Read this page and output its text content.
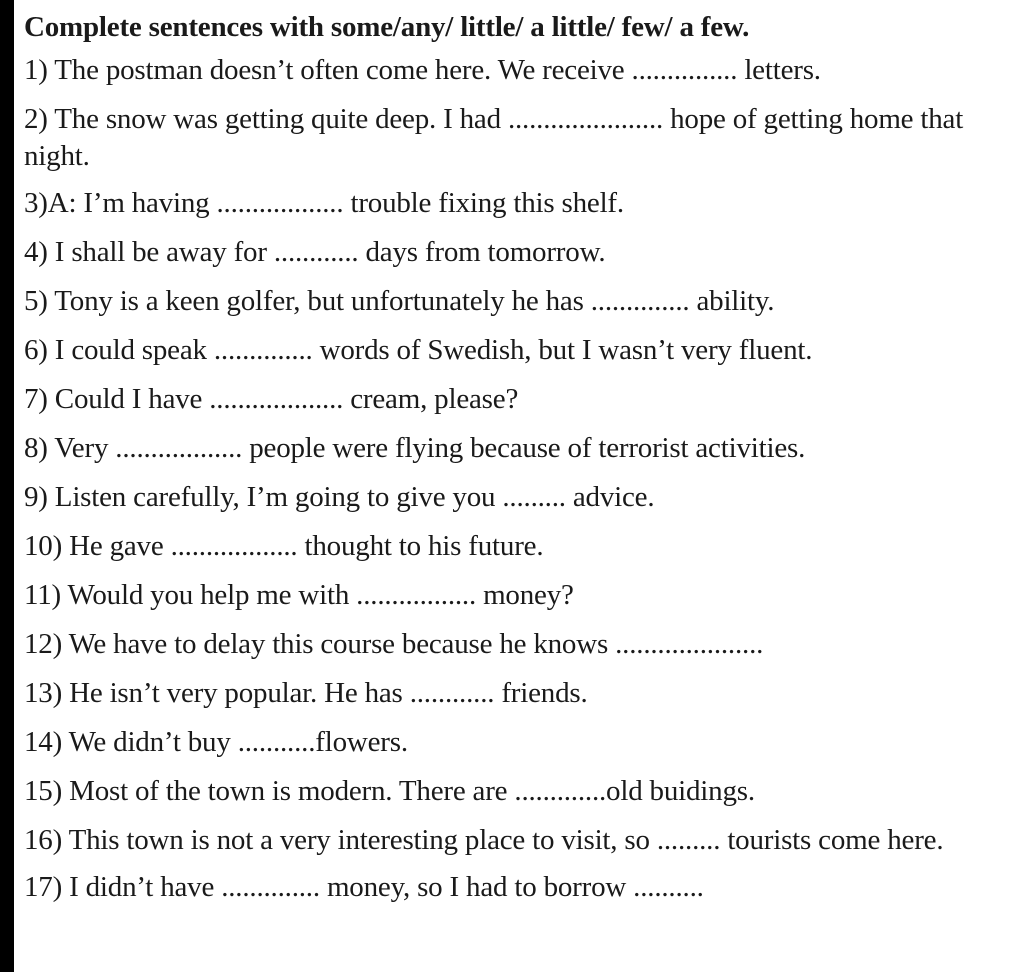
Complete sentences with some/any/ little/ a little/ few/ a few.
1) The postman doesn’t often come here. We receive ............... letters.
2) The snow was getting quite deep. I had ...................... hope of getting home that night.
3)A: I’m having .................. trouble fixing this shelf.
4) I shall be away for ............ days from tomorrow.
5) Tony is a keen golfer, but unfortunately he has .............. ability.
6) I could speak .............. words of Swedish, but I wasn’t very fluent.
7) Could I have ................... cream, please?
8) Very .................. people were flying because of terrorist activities.
9) Listen carefully, I’m going to give you ......... advice.
10) He gave .................. thought to his future.
11) Would you help me with ................. money?
12) We have to delay this course because he knows .....................
13) He isn’t very popular. He has ............ friends.
14) We didn’t buy ...........flowers.
15) Most of the town is modern. There are .............old buidings.
16) This town is not a very interesting place to visit, so ......... tourists come here.
17) I didn’t have .............. money, so I had to borrow ..........
